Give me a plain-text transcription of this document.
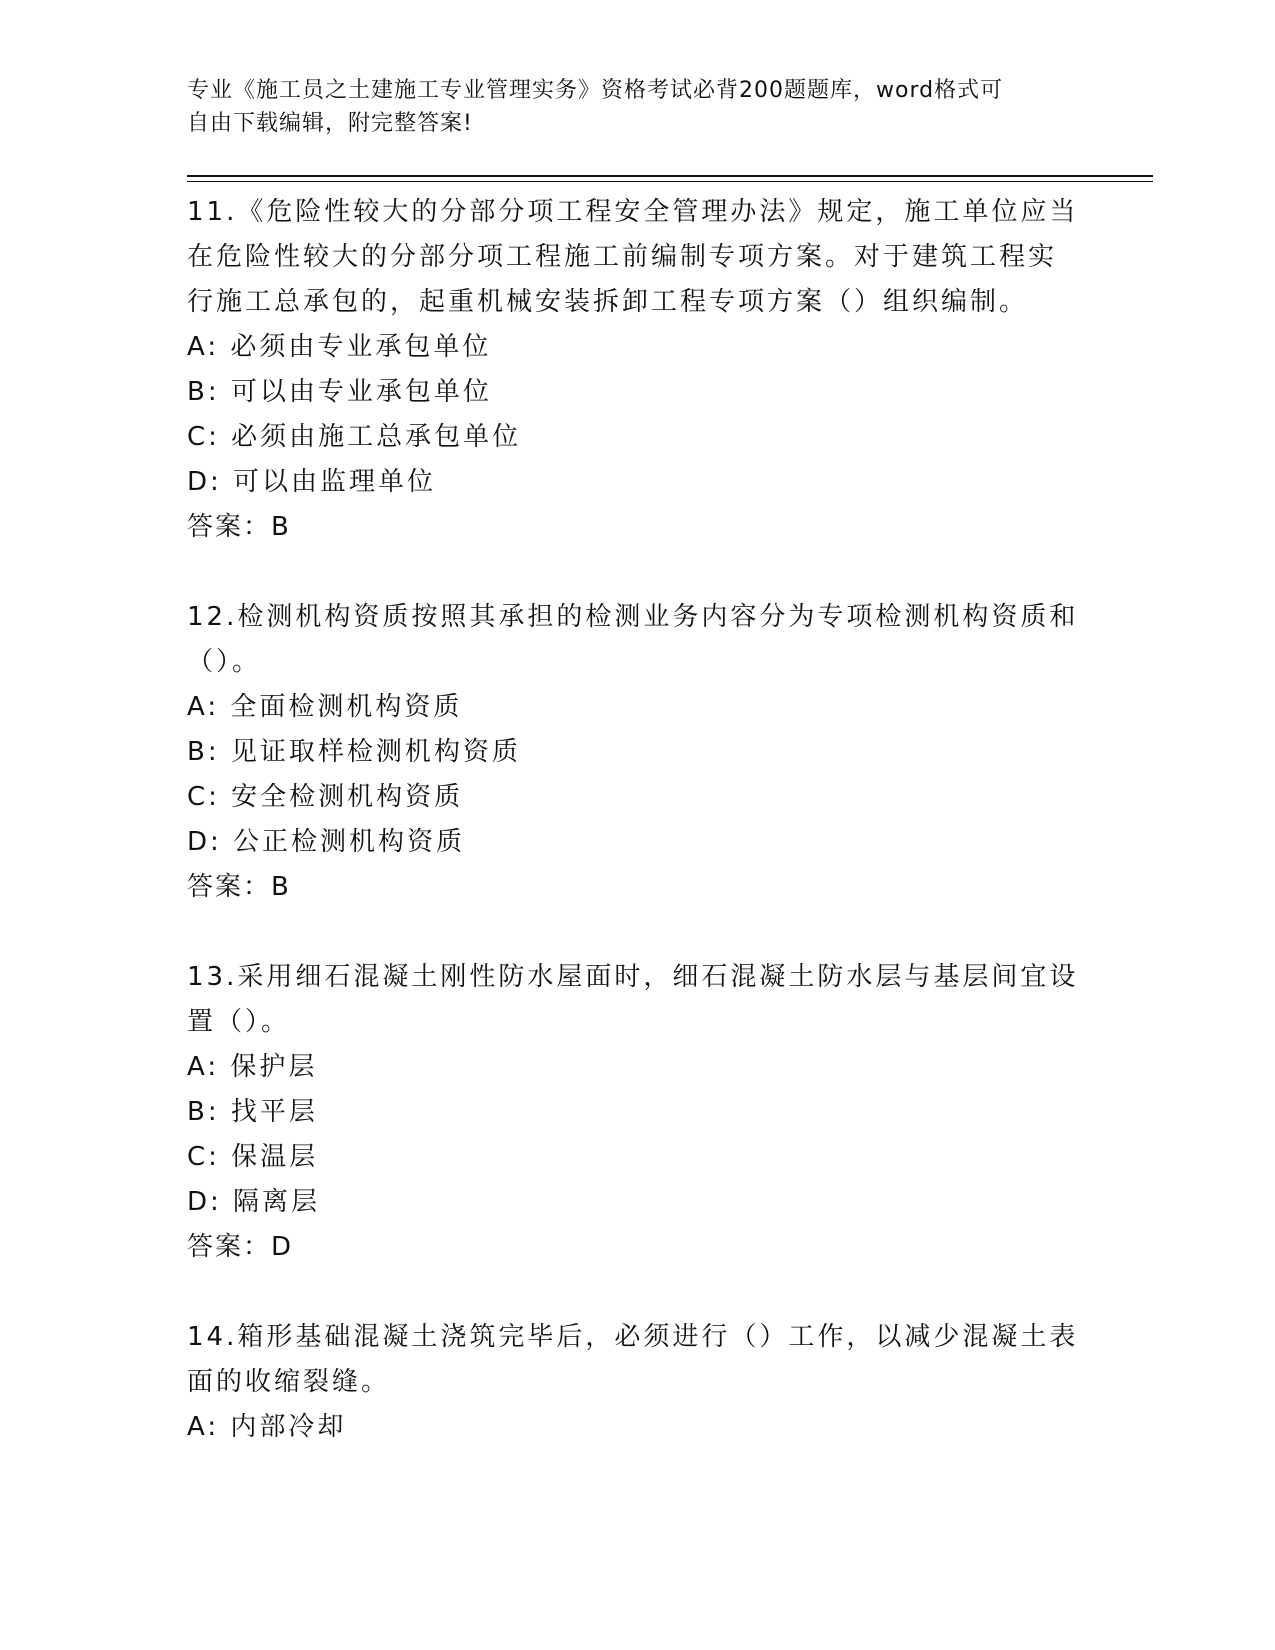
专业《施工员之土建施工专业管理实务》资格考试必背200题题库，word格式可
自由下载编辑，附完整答案!

11.《危险性较大的分部分项工程安全管理办法》规定，施工单位应当

在危险性较大的分部分项工程施工前编制专项方案。对于建筑工程实

行施工总承包的，起重机械安装拆卸工程专项方案（）组织编制。

A: 必须由专业承包单位

B: 可以由专业承包单位

C: 必须由施工总承包单位

D: 可以由监理单位

答案：B

12.检测机构资质按照其承担的检测业务内容分为专项检测机构资质和

（）。

A: 全面检测机构资质

B: 见证取样检测机构资质

C: 安全检测机构资质

D: 公正检测机构资质

答案：B

13.采用细石混凝土刚性防水屋面时，细石混凝土防水层与基层间宜设

置（）。

A: 保护层

B: 找平层

C: 保温层

D: 隔离层

答案：D

14.箱形基础混凝土浇筑完毕后，必须进行（）工作，以减少混凝土表

面的收缩裂缝。

A: 内部冷却
